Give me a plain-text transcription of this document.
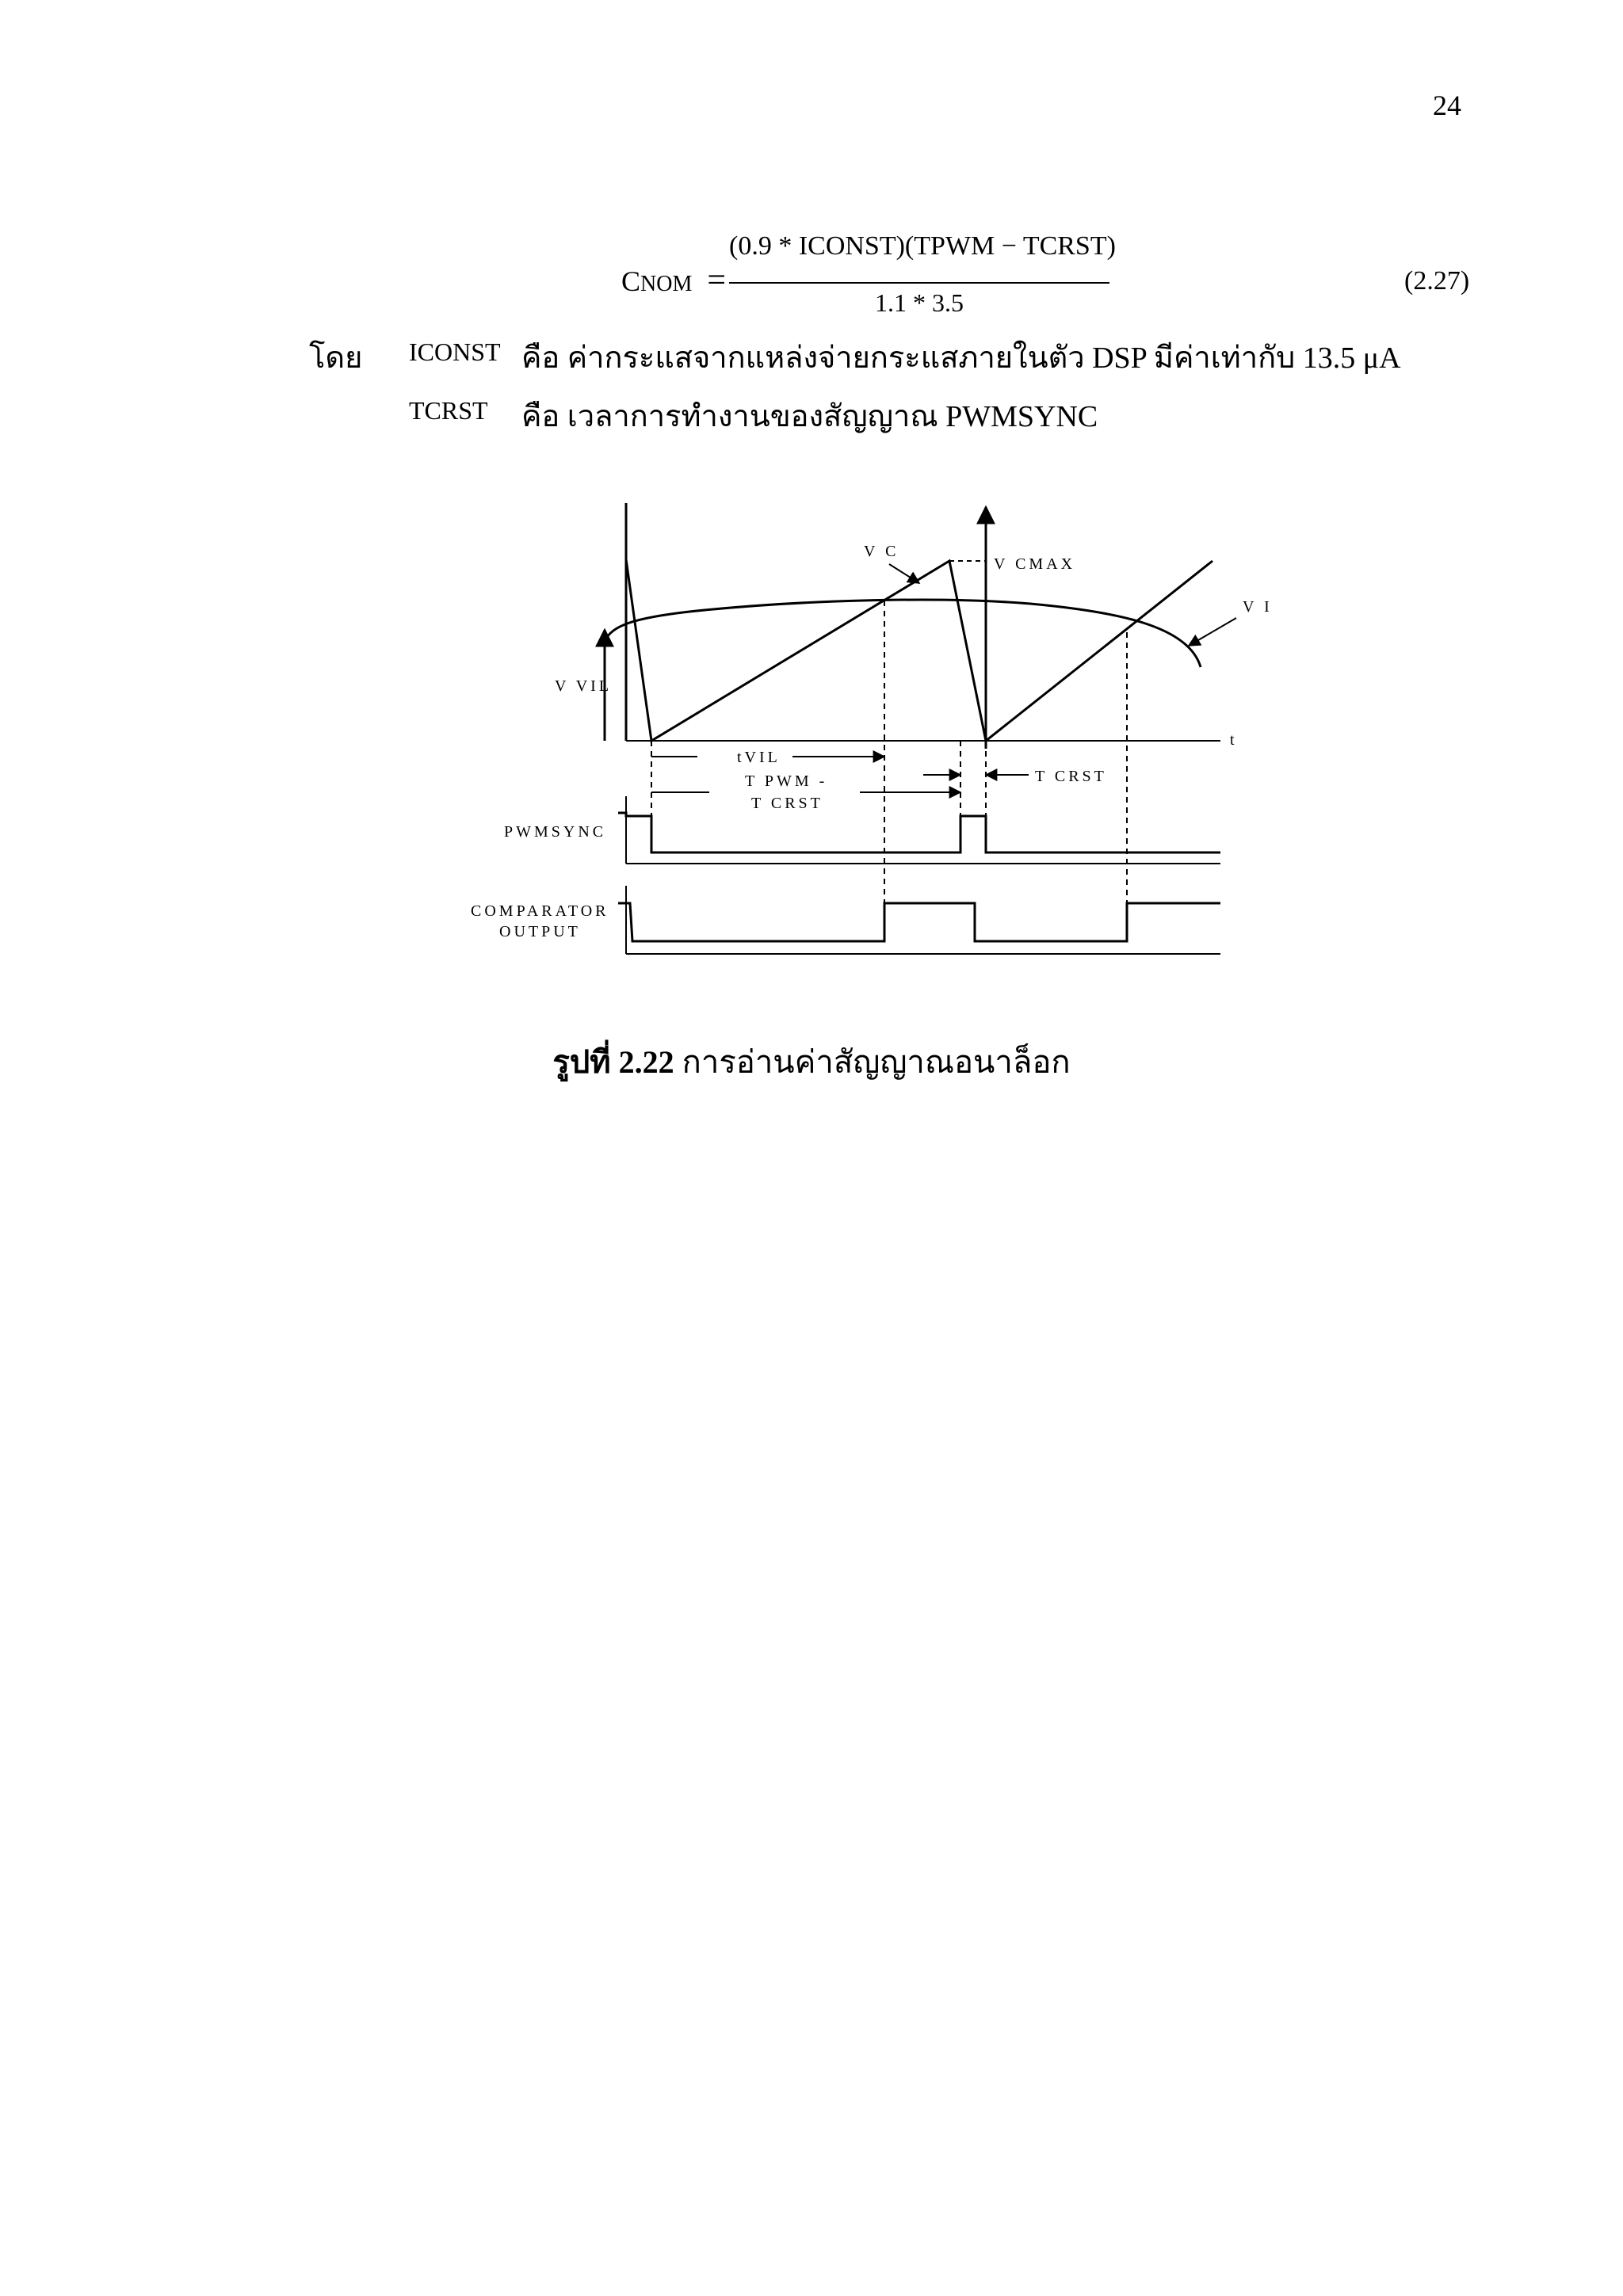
24
CNOM =
(0.9 * ICONST)(TPWM − TCRST)
1.1 * 3.5
(2.27)
โดย ICONST คือ ค่ากระแสจากแหล่งจ่ายกระแสภายในตัว DSP มีค่าเท่ากับ 13.5 μA
TCRST คือ เวลาการทำงานของสัญญาณ PWMSYNC
V C
V CMAX
V I
V VIL
t
tVIL
T PWM -
T CRST
T CRST
PWMSYNC
COMPARATOR
OUTPUT
รูปที่ 2.22 การอ่านค่าสัญญาณอนาล็อก
